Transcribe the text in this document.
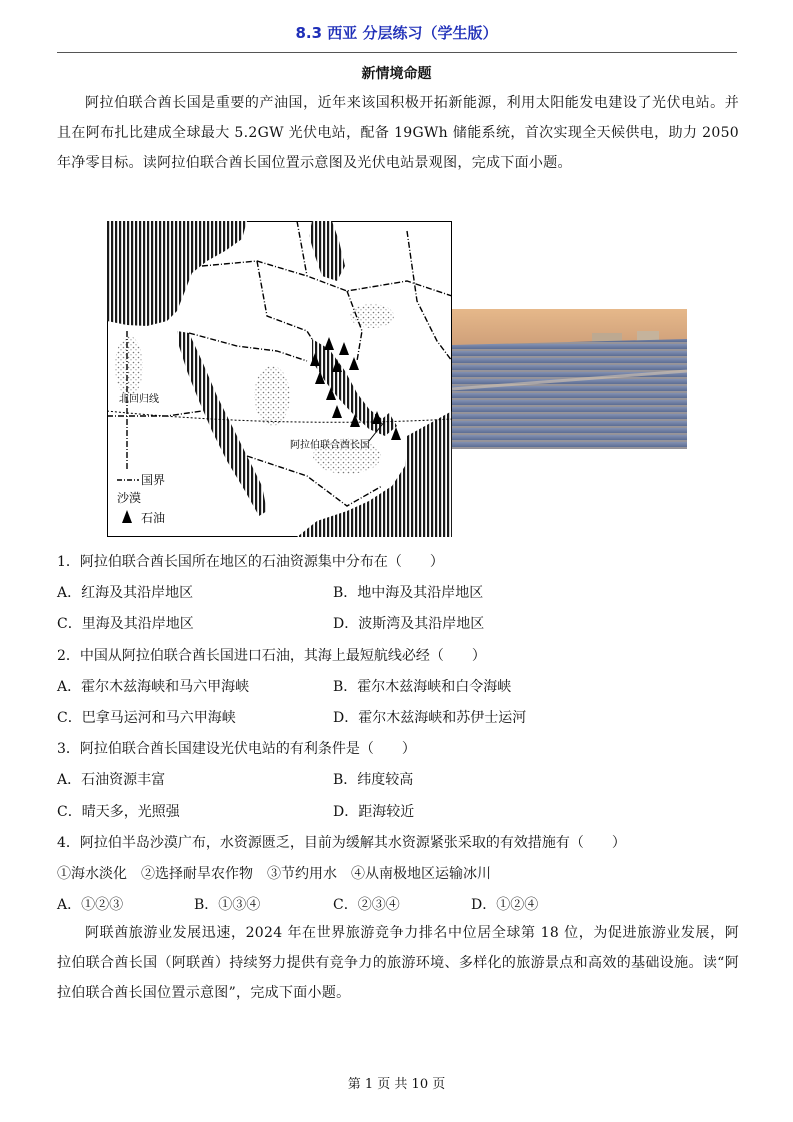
8.3 西亚 分层练习（学生版）
新情境命题
阿拉伯联合酋长国是重要的产油国，近年来该国积极开拓新能源，利用太阳能发电建设了光伏电站。并且在阿布扎比建成全球最大 5.2GW 光伏电站，配备 19GWh 储能系统，首次实现全天候供电，助力 2050 年净零目标。读阿拉伯联合酋长国位置示意图及光伏电站景观图，完成下面小题。
北回归线
阿拉伯联合酋长国
国界
沙漠
石油
1．阿拉伯联合酋长国所在地区的石油资源集中分布在（　　）
A．红海及其沿岸地区	B．地中海及其沿岸地区
C．里海及其沿岸地区	D．波斯湾及其沿岸地区
2．中国从阿拉伯联合酋长国进口石油，其海上最短航线必经（　　）
A．霍尔木兹海峡和马六甲海峡	B．霍尔木兹海峡和白令海峡
C．巴拿马运河和马六甲海峡	D．霍尔木兹海峡和苏伊士运河
3．阿拉伯联合酋长国建设光伏电站的有利条件是（　　）
A．石油资源丰富	B．纬度较高
C．晴天多，光照强	D．距海较近
4．阿拉伯半岛沙漠广布，水资源匮乏，目前为缓解其水资源紧张采取的有效措施有（　　）
①海水淡化　②选择耐旱农作物　③节约用水　④从南极地区运输冰川
A．①②③	B．①③④	C．②③④	D．①②④
阿联酋旅游业发展迅速，2024 年在世界旅游竞争力排名中位居全球第 18 位，为促进旅游业发展，阿拉伯联合酋长国（阿联酋）持续努力提供有竞争力的旅游环境、多样化的旅游景点和高效的基础设施。读“阿拉伯联合酋长国位置示意图”，完成下面小题。
第 1 页 共 10 页
